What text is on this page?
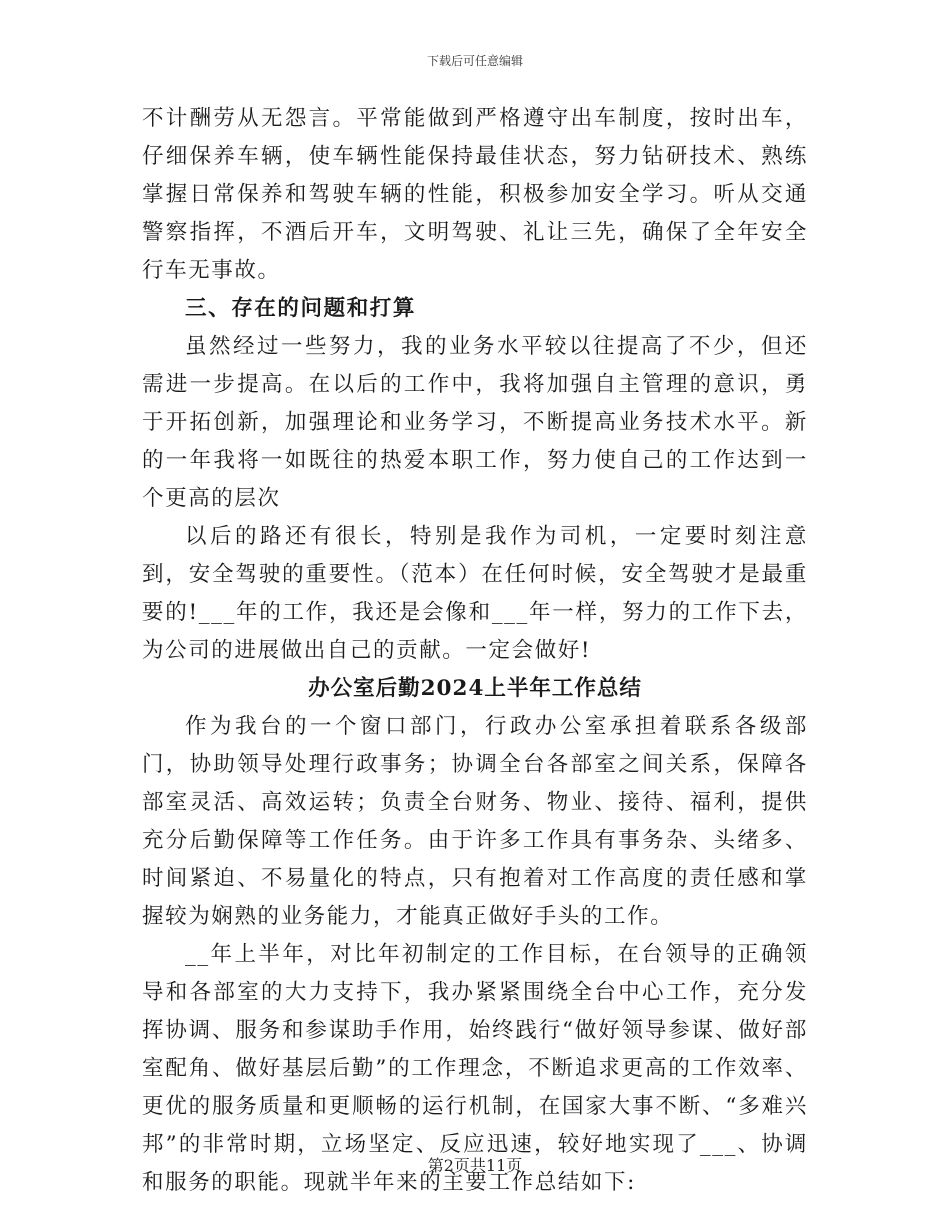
下载后可任意编辑

不计酬劳从无怨言。平常能做到严格遵守出车制度，按时出车，仔细保养车辆，使车辆性能保持最佳状态，努力钻研技术、熟练掌握日常保养和驾驶车辆的性能，积极参加安全学习。听从交通警察指挥，不酒后开车，文明驾驶、礼让三先，确保了全年安全行车无事故。

三、存在的问题和打算

虽然经过一些努力，我的业务水平较以往提高了不少，但还需进一步提高。在以后的工作中，我将加强自主管理的意识，勇于开拓创新，加强理论和业务学习，不断提高业务技术水平。新的一年我将一如既往的热爱本职工作，努力使自己的工作达到一个更高的层次

以后的路还有很长，特别是我作为司机，一定要时刻注意到，安全驾驶的重要性。（范本）在任何时候，安全驾驶才是最重要的!___年的工作，我还是会像和___年一样，努力的工作下去，为公司的进展做出自己的贡献。一定会做好!

办公室后勤2024上半年工作总结

作为我台的一个窗口部门，行政办公室承担着联系各级部门，协助领导处理行政事务；协调全台各部室之间关系，保障各部室灵活、高效运转；负责全台财务、物业、接待、福利，提供充分后勤保障等工作任务。由于许多工作具有事务杂、头绪多、时间紧迫、不易量化的特点，只有抱着对工作高度的责任感和掌握较为娴熟的业务能力，才能真正做好手头的工作。

__年上半年，对比年初制定的工作目标，在台领导的正确领导和各部室的大力支持下，我办紧紧围绕全台中心工作，充分发挥协调、服务和参谋助手作用，始终践行“做好领导参谋、做好部室配角、做好基层后勤”的工作理念，不断追求更高的工作效率、更优的服务质量和更顺畅的运行机制，在国家大事不断、“多难兴邦”的非常时期，立场坚定、反应迅速，较好地实现了___、协调和服务的职能。现就半年来的主要工作总结如下:

第2页共11页
